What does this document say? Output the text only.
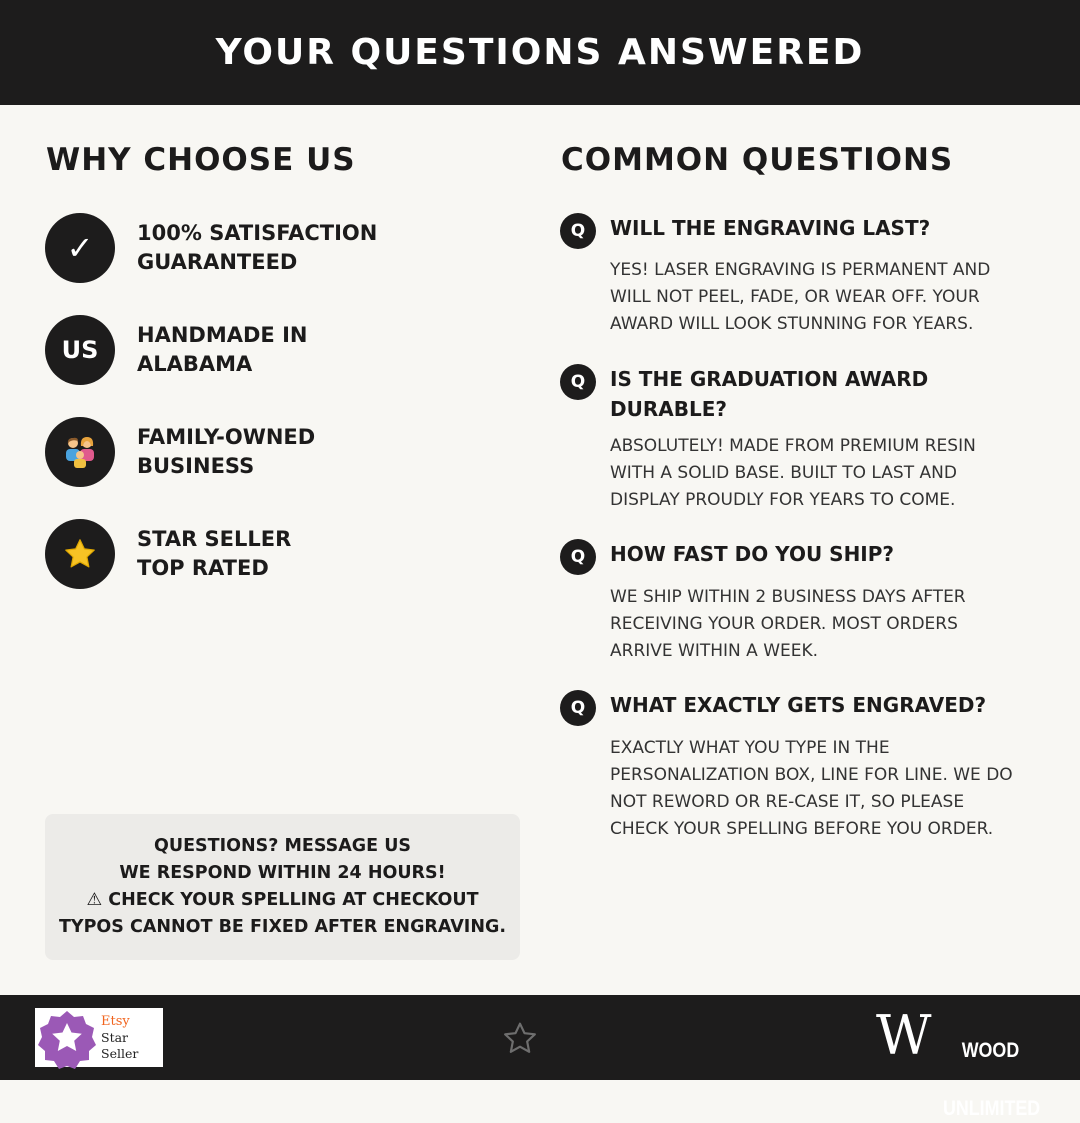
YOUR QUESTIONS ANSWERED
WHY CHOOSE US	COMMON QUESTIONS
✓ 100% SATISFACTION
GUARANTEED
US
HANDMADE IN
ALABAMA
FAMILY-OWNED
BUSINESS
STAR SELLER
TOP RATED
Q	WILL THE ENGRAVING LAST?
YES! LASER ENGRAVING IS PERMANENT AND
WILL NOT PEEL, FADE, OR WEAR OFF. YOUR
AWARD WILL LOOK STUNNING FOR YEARS.
Q	IS THE GRADUATION AWARD
DURABLE?
ABSOLUTELY! MADE FROM PREMIUM RESIN
WITH A SOLID BASE. BUILT TO LAST AND
DISPLAY PROUDLY FOR YEARS TO COME.
Q	HOW FAST DO YOU SHIP?
WE SHIP WITHIN 2 BUSINESS DAYS AFTER
RECEIVING YOUR ORDER. MOST ORDERS
ARRIVE WITHIN A WEEK.
Q	WHAT EXACTLY GETS ENGRAVED?
EXACTLY WHAT YOU TYPE IN THE
PERSONALIZATION BOX, LINE FOR LINE. WE DO
NOT REWORD OR RE-CASE IT, SO PLEASE
CHECK YOUR SPELLING BEFORE YOU ORDER.
QUESTIONS? MESSAGE US
WE RESPOND WITHIN 24 HOURS!
⚠ CHECK YOUR SPELLING AT CHECKOUT
TYPOS CANNOT BE FIXED AFTER ENGRAVING.
Etsy
Star Seller	W	WOOD

UNLIMITED
